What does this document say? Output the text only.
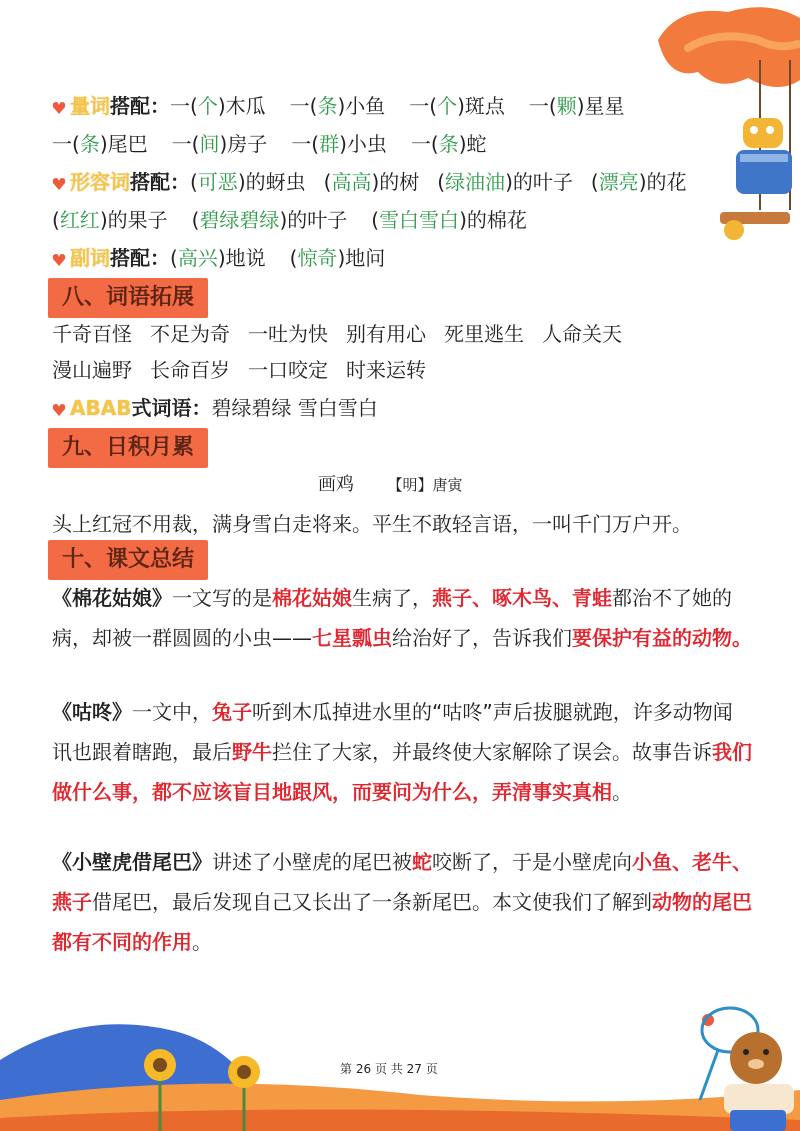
量词搭配：一(个)木瓜 一(条)小鱼 一(个)斑点 一(颗)星星
一(条)尾巴 一(间)房子 一(群)小虫 一(条)蛇
形容词搭配：(可恶)的蚜虫 (高高)的树 (绿油油)的叶子 (漂亮)的花
(红红)的果子 (碧绿碧绿)的叶子 (雪白雪白)的棉花
副词搭配：(高兴)地说 (惊奇)地问
八、词语拓展
千奇百怪 不足为奇 一吐为快 别有用心 死里逃生 人命关天
漫山遍野 长命百岁 一口咬定 时来运转
ABAB式词语：碧绿碧绿 雪白雪白
九、日积月累
画鸡 【明】唐寅
头上红冠不用裁，满身雪白走将来。平生不敢轻言语，一叫千门万户开。
十、课文总结
《棉花姑娘》一文写的是棉花姑娘生病了，燕子、啄木鸟、青蛙都治不了她的病，却被一群圆圆的小虫——七星瓢虫给治好了，告诉我们要保护有益的动物。
《咕咚》一文中，兔子听到木瓜掉进水里的“咕咚”声后拔腿就跑，许多动物闻讯也跟着瞎跑，最后野牛拦住了大家，并最终使大家解除了误会。故事告诉我们做什么事，都不应该盲目地跟风，而要问为什么，弄清事实真相。
《小壁虎借尾巴》讲述了小壁虎的尾巴被蛇咬断了，于是小壁虎向小鱼、老牛、燕子借尾巴，最后发现自己又长出了一条新尾巴。本文使我们了解到动物的尾巴都有不同的作用。
第 26 页 共 27 页
